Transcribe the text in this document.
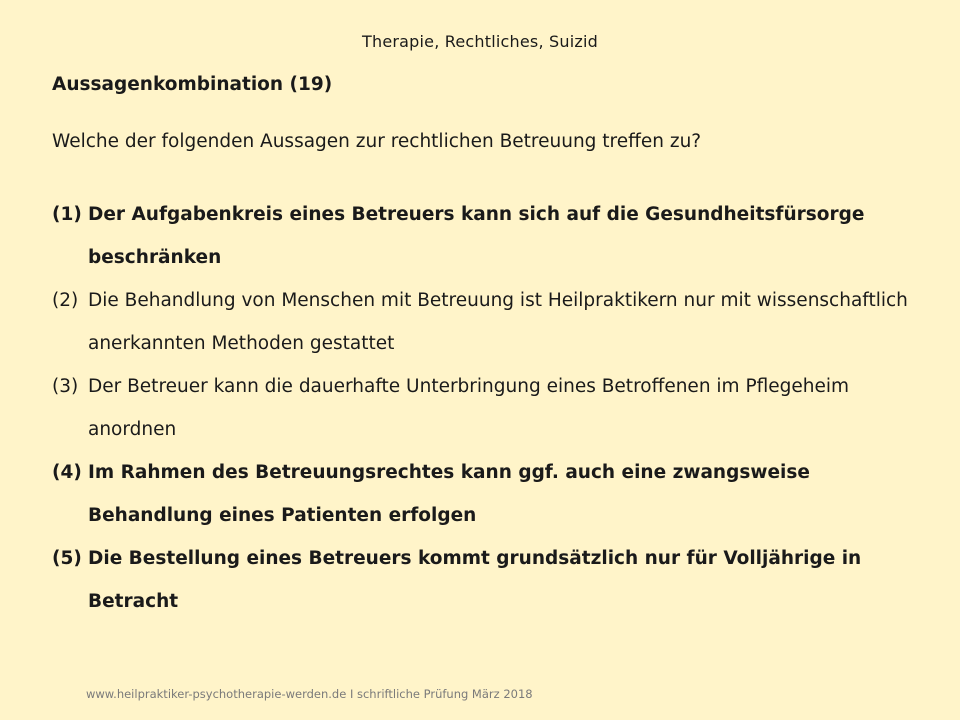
Therapie, Rechtliches, Suizid
Aussagenkombination (19)
Welche der folgenden Aussagen zur rechtlichen Betreuung treffen zu?
(1) Der Aufgabenkreis eines Betreuers kann sich auf die Gesundheitsfürsorge beschränken
(2) Die Behandlung von Menschen mit Betreuung ist Heilpraktikern nur mit wissenschaftlich anerkannten Methoden gestattet
(3) Der Betreuer kann die dauerhafte Unterbringung eines Betroffenen im Pflegeheim anordnen
(4) Im Rahmen des Betreuungsrechtes kann ggf. auch eine zwangsweise Behandlung eines Patienten erfolgen
(5) Die Bestellung eines Betreuers kommt grundsätzlich nur für Volljährige in Betracht
www.heilpraktiker-psychotherapie-werden.de I schriftliche Prüfung März 2018
